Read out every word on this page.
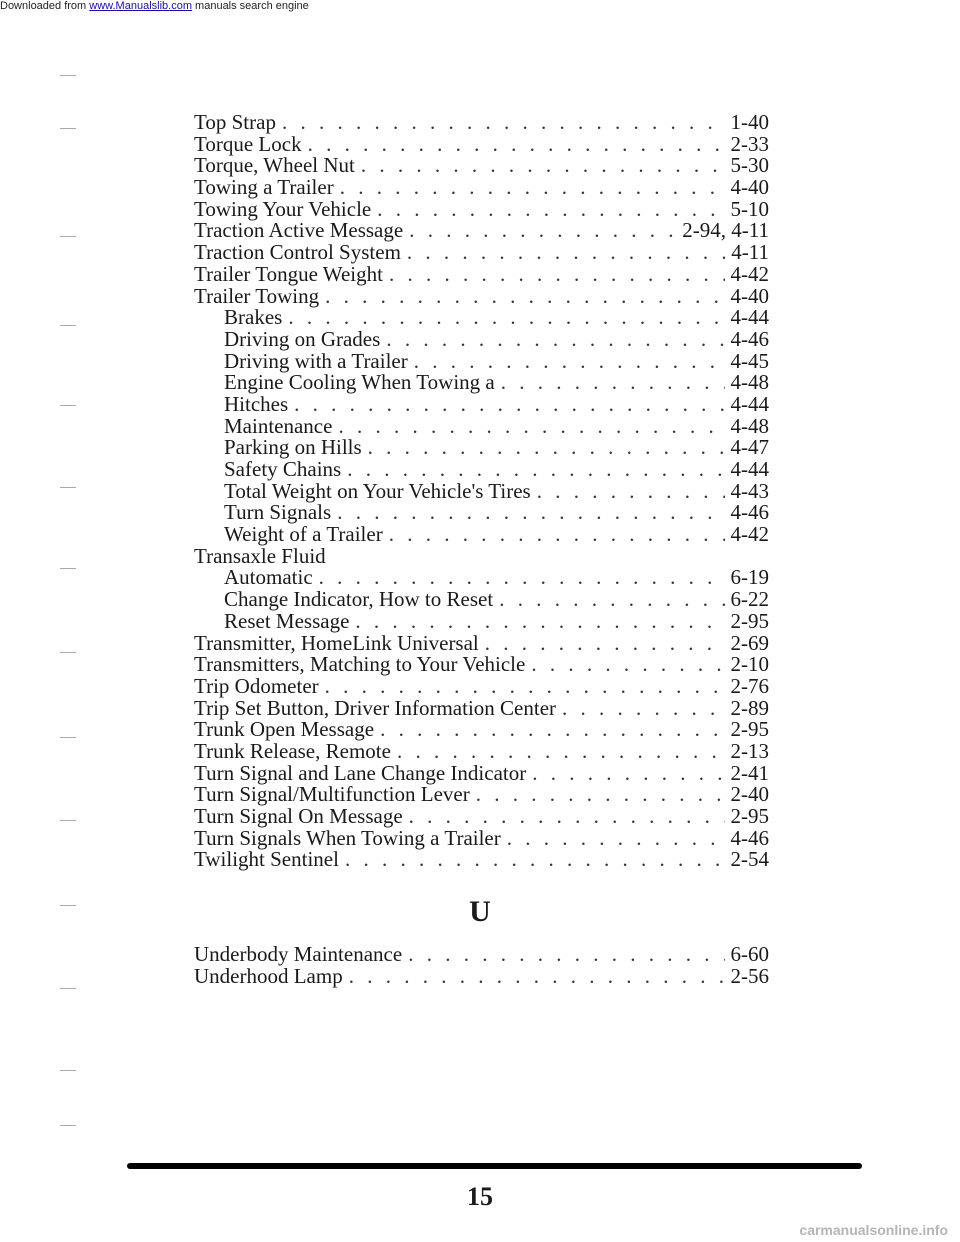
Downloaded from www.Manualslib.com manuals search engine
Top Strap . . .	1-40
Torque Lock . . .	2-33
Torque, Wheel Nut . . .	5-30
Towing a Trailer . . .	4-40
Towing Your Vehicle . . .	5-10
Traction Active Message . . .	2-94, 4-11
Traction Control System . . .	4-11
Trailer Tongue Weight . . .	4-42
Trailer Towing . . .	4-40
Brakes . . .	4-44
Driving on Grades . . .	4-46
Driving with a Trailer . . .	4-45
Engine Cooling When Towing a . . .	4-48
Hitches . . .	4-44
Maintenance . . .	4-48
Parking on Hills . . .	4-47
Safety Chains . . .	4-44
Total Weight on Your Vehicle's Tires . . .	4-43
Turn Signals . . .	4-46
Weight of a Trailer . . .	4-42
Transaxle Fluid
Automatic . . .	6-19
Change Indicator, How to Reset . . .	6-22
Reset Message . . .	2-95
Transmitter, HomeLink Universal . . .	2-69
Transmitters, Matching to Your Vehicle . . .	2-10
Trip Odometer . . .	2-76
Trip Set Button, Driver Information Center . . .	2-89
Trunk Open Message . . .	2-95
Trunk Release, Remote . . .	2-13
Turn Signal and Lane Change Indicator . . .	2-41
Turn Signal/Multifunction Lever . . .	2-40
Turn Signal On Message . . .	2-95
Turn Signals When Towing a Trailer . . .	4-46
Twilight Sentinel . . .	2-54
U
Underbody Maintenance . . .	6-60
Underhood Lamp . . .	2-56
15
carmanualsonline.info
